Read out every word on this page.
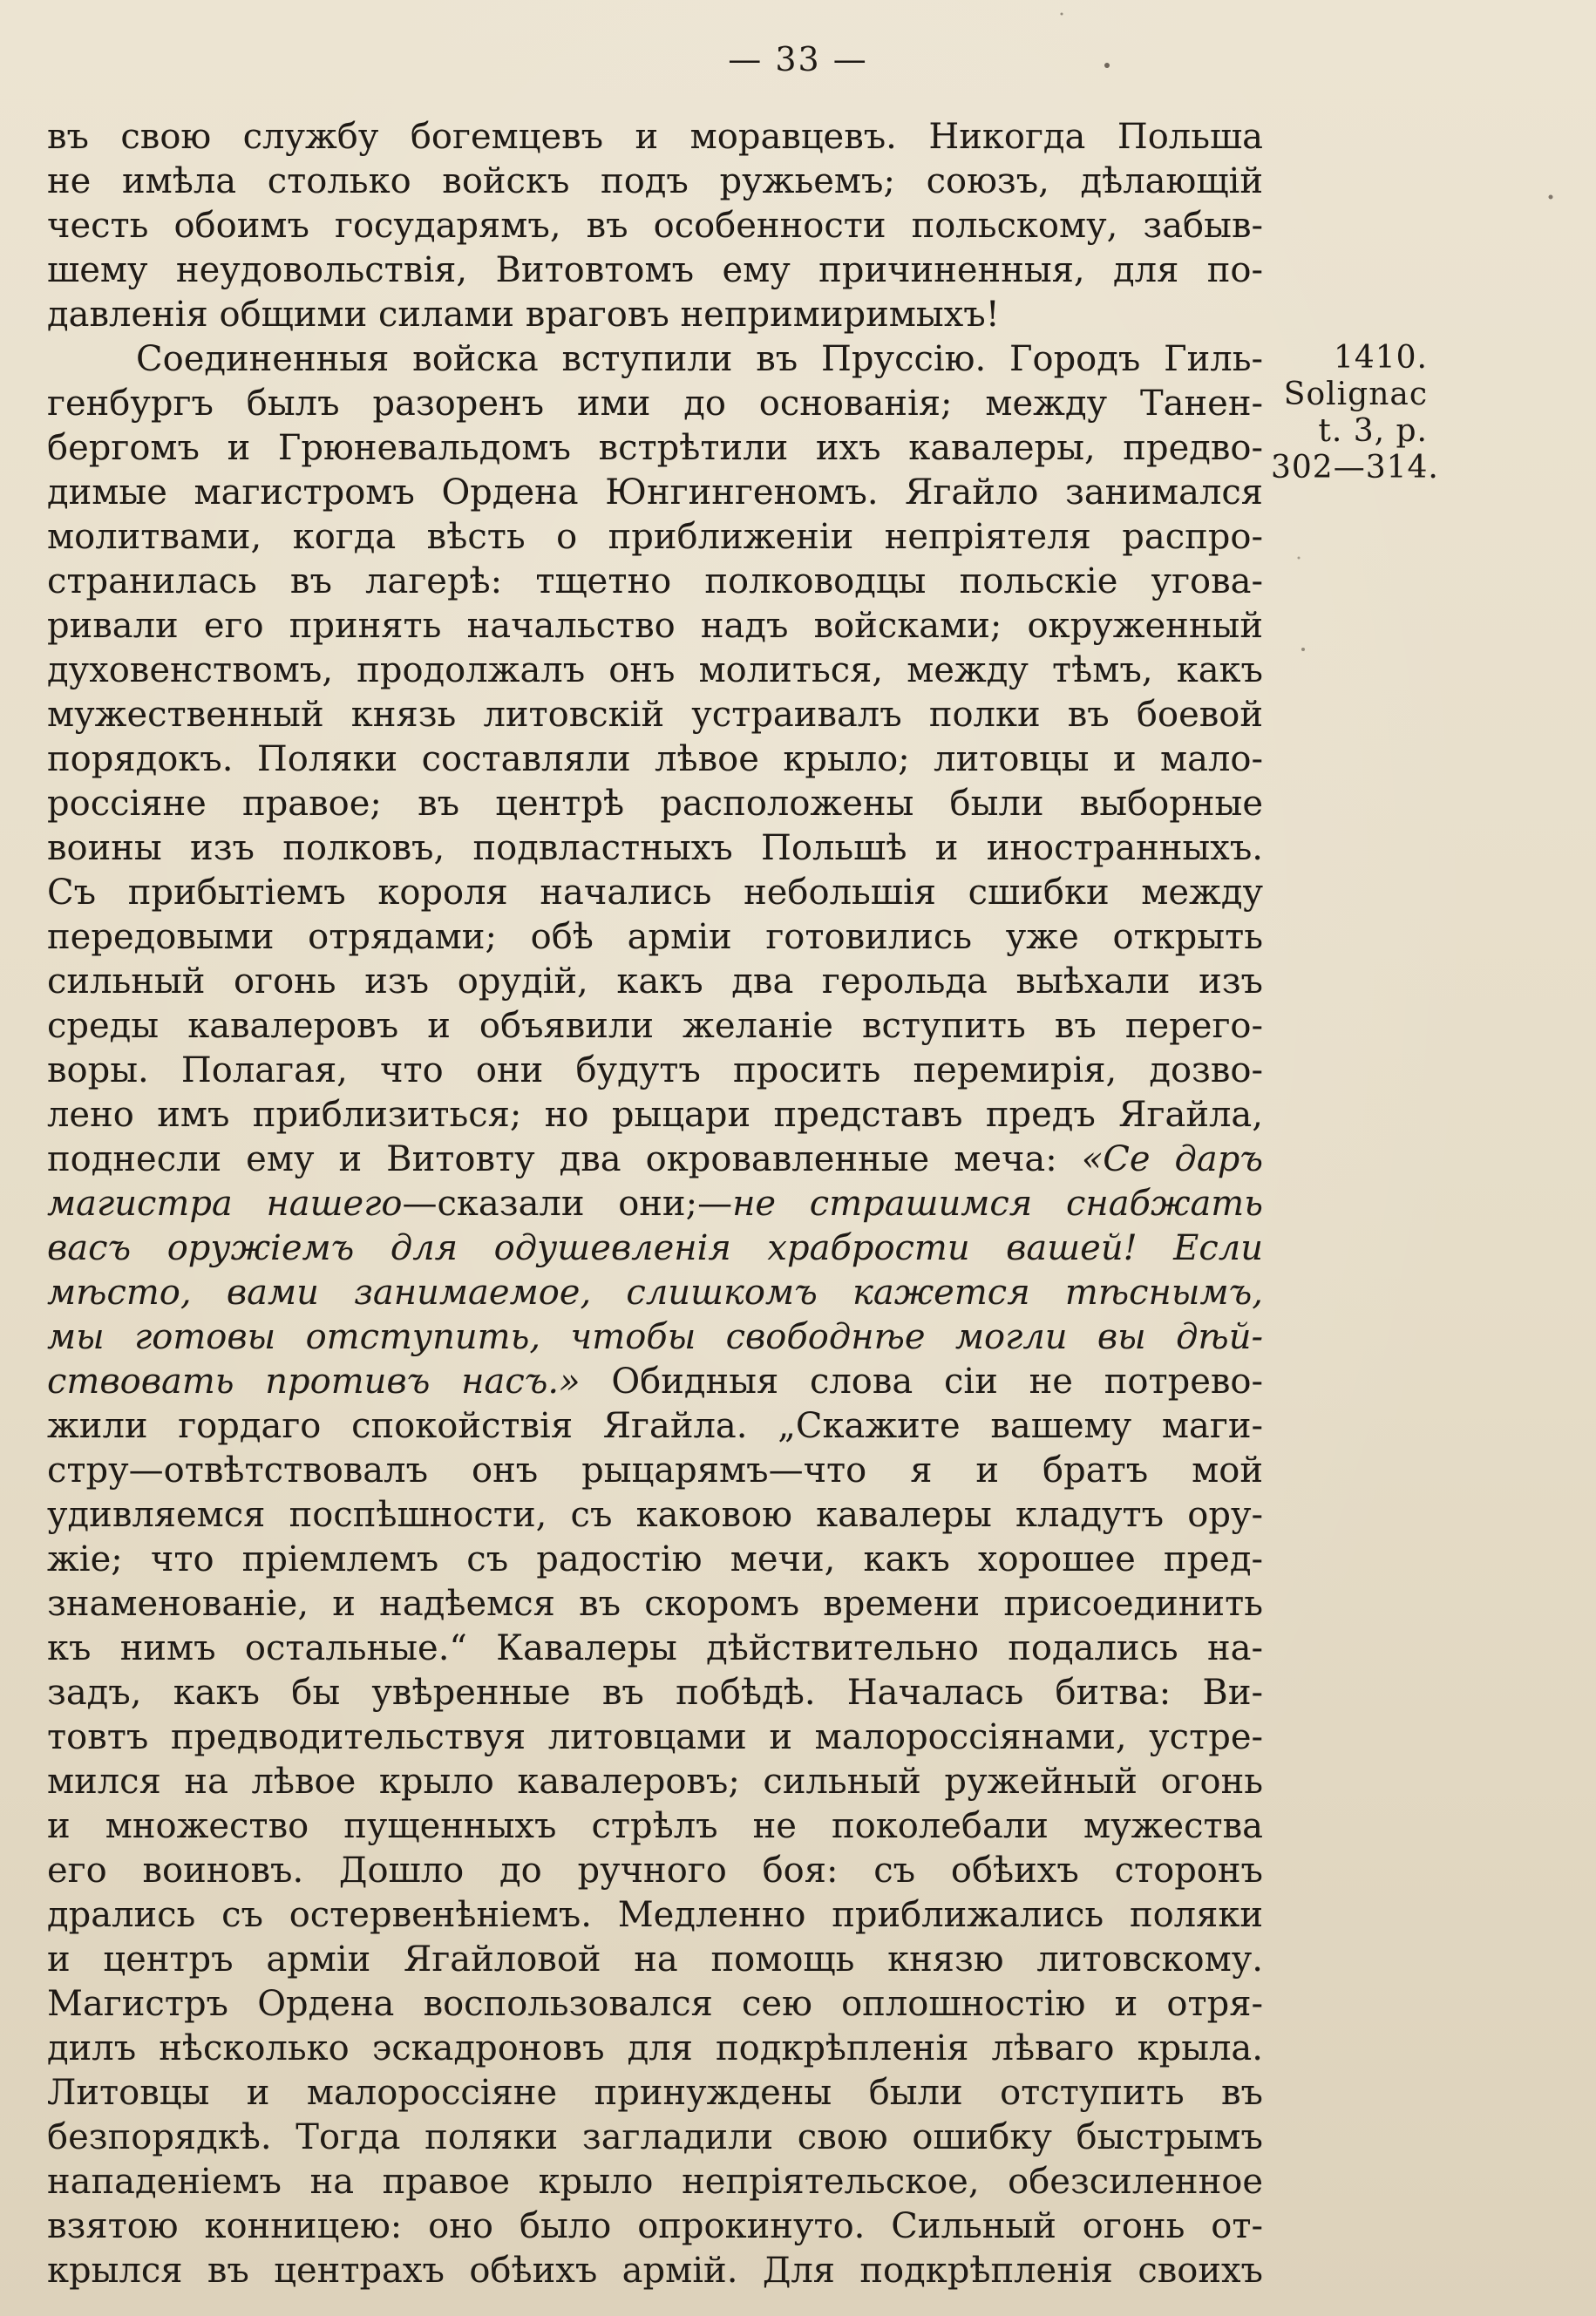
— 33 —
1410.
Solignac
t. 3, p.
302—314.
въ свою службу богемцевъ и моравцевъ. Никогда Польша
не имѣла столько войскъ подъ ружьемъ; союзъ, дѣлающій
честь обоимъ государямъ, въ особенности польскому, забыв-
шему неудовольствія, Витовтомъ ему причиненныя, для по-
давленія общими силами враговъ непримиримыхъ!
Соединенныя войска вступили въ Пруссію. Городъ Гиль-
генбургъ былъ разоренъ ими до основанія; между Танен-
бергомъ и Грюневальдомъ встрѣтили ихъ кавалеры, предво-
димые магистромъ Ордена Юнгингеномъ. Ягайло занимался
молитвами, когда вѣсть о приближеніи непріятеля распро-
странилась въ лагерѣ: тщетно полководцы польскіе угова-
ривали его принять начальство надъ войсками; окруженный
духовенствомъ, продолжалъ онъ молиться, между тѣмъ, какъ
мужественный князь литовскій устраивалъ полки въ боевой
порядокъ. Поляки составляли лѣвое крыло; литовцы и мало-
россіяне правое; въ центрѣ расположены были выборные
воины изъ полковъ, подвластныхъ Польшѣ и иностранныхъ.
Съ прибытіемъ короля начались небольшія сшибки между
передовыми отрядами; обѣ арміи готовились уже открыть
сильный огонь изъ орудій, какъ два герольда выѣхали изъ
среды кавалеровъ и объявили желаніе вступить въ перего-
воры. Полагая, что они будутъ просить перемирія, дозво-
лено имъ приблизиться; но рыцари представъ предъ Ягайла,
поднесли ему и Витовту два окровавленные меча: «Се даръ
магистра нашего—сказали они;—не страшимся снабжать
васъ оружіемъ для одушевленія храбрости вашей! Если
мѣсто, вами занимаемое, слишкомъ кажется тѣснымъ,
мы готовы отступить, чтобы свободнѣе могли вы дѣй-
ствовать противъ насъ.» Обидныя слова сіи не потрево-
жили гордаго спокойствія Ягайла. „Скажите вашему маги-
стру—отвѣтствовалъ онъ рыцарямъ—что я и братъ мой
удивляемся поспѣшности, съ каковою кавалеры кладутъ ору-
жіе; что пріемлемъ съ радостію мечи, какъ хорошее пред-
знаменованіе, и надѣемся въ скоромъ времени присоединить
къ нимъ остальные.“ Кавалеры дѣйствительно подались на-
задъ, какъ бы увѣренные въ побѣдѣ. Началась битва: Ви-
товтъ предводительствуя литовцами и малороссіянами, устре-
мился на лѣвое крыло кавалеровъ; сильный ружейный огонь
и множество пущенныхъ стрѣлъ не поколебали мужества
его воиновъ. Дошло до ручного боя: съ обѣихъ сторонъ
дрались съ остервенѣніемъ. Медленно приближались поляки
и центръ арміи Ягайловой на помощь князю литовскому.
Магистръ Ордена воспользовался сею оплошностію и отря-
дилъ нѣсколько эскадроновъ для подкрѣпленія лѣваго крыла.
Литовцы и малороссіяне принуждены были отступить въ
безпорядкѣ. Тогда поляки загладили свою ошибку быстрымъ
нападеніемъ на правое крыло непріятельское, обезсиленное
взятою конницею: оно было опрокинуто. Сильный огонь от-
крылся въ центрахъ обѣихъ армій. Для подкрѣпленія своихъ
